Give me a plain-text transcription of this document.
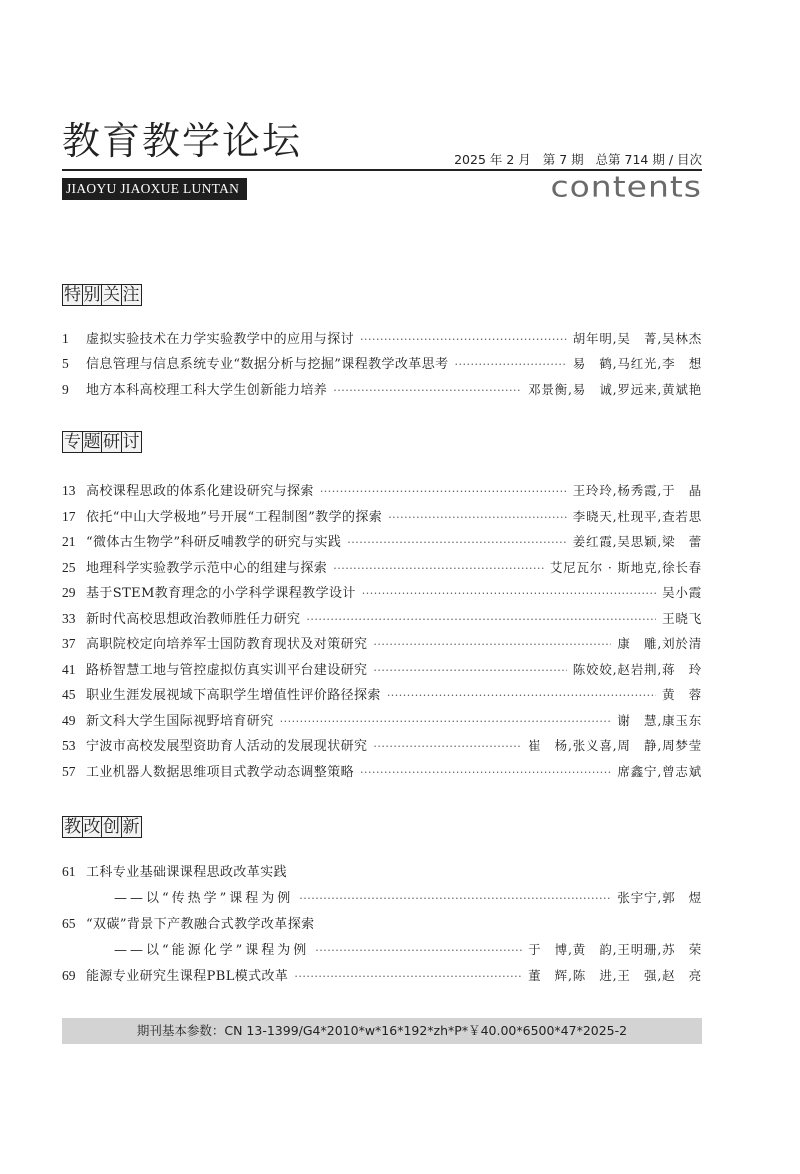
教育教学论坛	2025 年 2 月   第 7 期   总第 714 期 / 目次
JIAOYU JIAOXUE LUNTAN	contents
特 别 关 注
1	虚拟实验技术在力学实验教学中的应用与探讨 ·····	胡年明,吴　菁,吴林杰
5	信息管理与信息系统专业“数据分析与挖掘”课程教学改革思考 ·····	易　鹤,马红光,李　想
9	地方本科高校理工科大学生创新能力培养 ·····	邓景衡,易　诚,罗远来,黄斌艳
专 题 研 讨
13 高校课程思政的体系化建设研究与探索 ·····	王玲玲,杨秀霞,于　晶
17 依托“中山大学极地”号开展“工程制图”教学的探索 ·····	李晓天,杜现平,查若思
21 “微体古生物学”科研反哺教学的研究与实践 ·····	姜红霞,吴思颖,梁　蕾
25 地理科学实验教学示范中心的组建与探索 ·····	艾尼瓦尔 · 斯地克,徐长春
29 基于STEM教育理念的小学科学课程教学设计 ·····	吴小霞
33 新时代高校思想政治教师胜任力研究 ·····	王晓飞
37 高职院校定向培养军士国防教育现状及对策研究 ·····	康　雕,刘於清
41 路桥智慧工地与管控虚拟仿真实训平台建设研究 ·····	陈姣姣,赵岩荆,蒋　玲
45 职业生涯发展视域下高职学生增值性评价路径探索 ·····	黄　蓉
49 新文科大学生国际视野培育研究 ·····	谢　慧,康玉东
53 宁波市高校发展型资助育人活动的发展现状研究 ·····	崔　杨,张义喜,周　静,周梦莹
57 工业机器人数据思维项目式教学动态调整策略 ·····	席鑫宁,曾志斌
教 改 创 新
61 工科专业基础课课程思政改革实践
——以“传热学”课程为例 ·····	张宇宁,郭　煜
65 “双碳”背景下产教融合式教学改革探索
——以“能源化学”课程为例 ·····	于　博,黄　韵,王明珊,苏　荣
69 能源专业研究生课程PBL模式改革 ·····	董　辉,陈　进,王　强,赵　亮
期刊基本参数：CN 13-1399/G4*2010*w*16*192*zh*P*￥40.00*6500*47*2025-2
